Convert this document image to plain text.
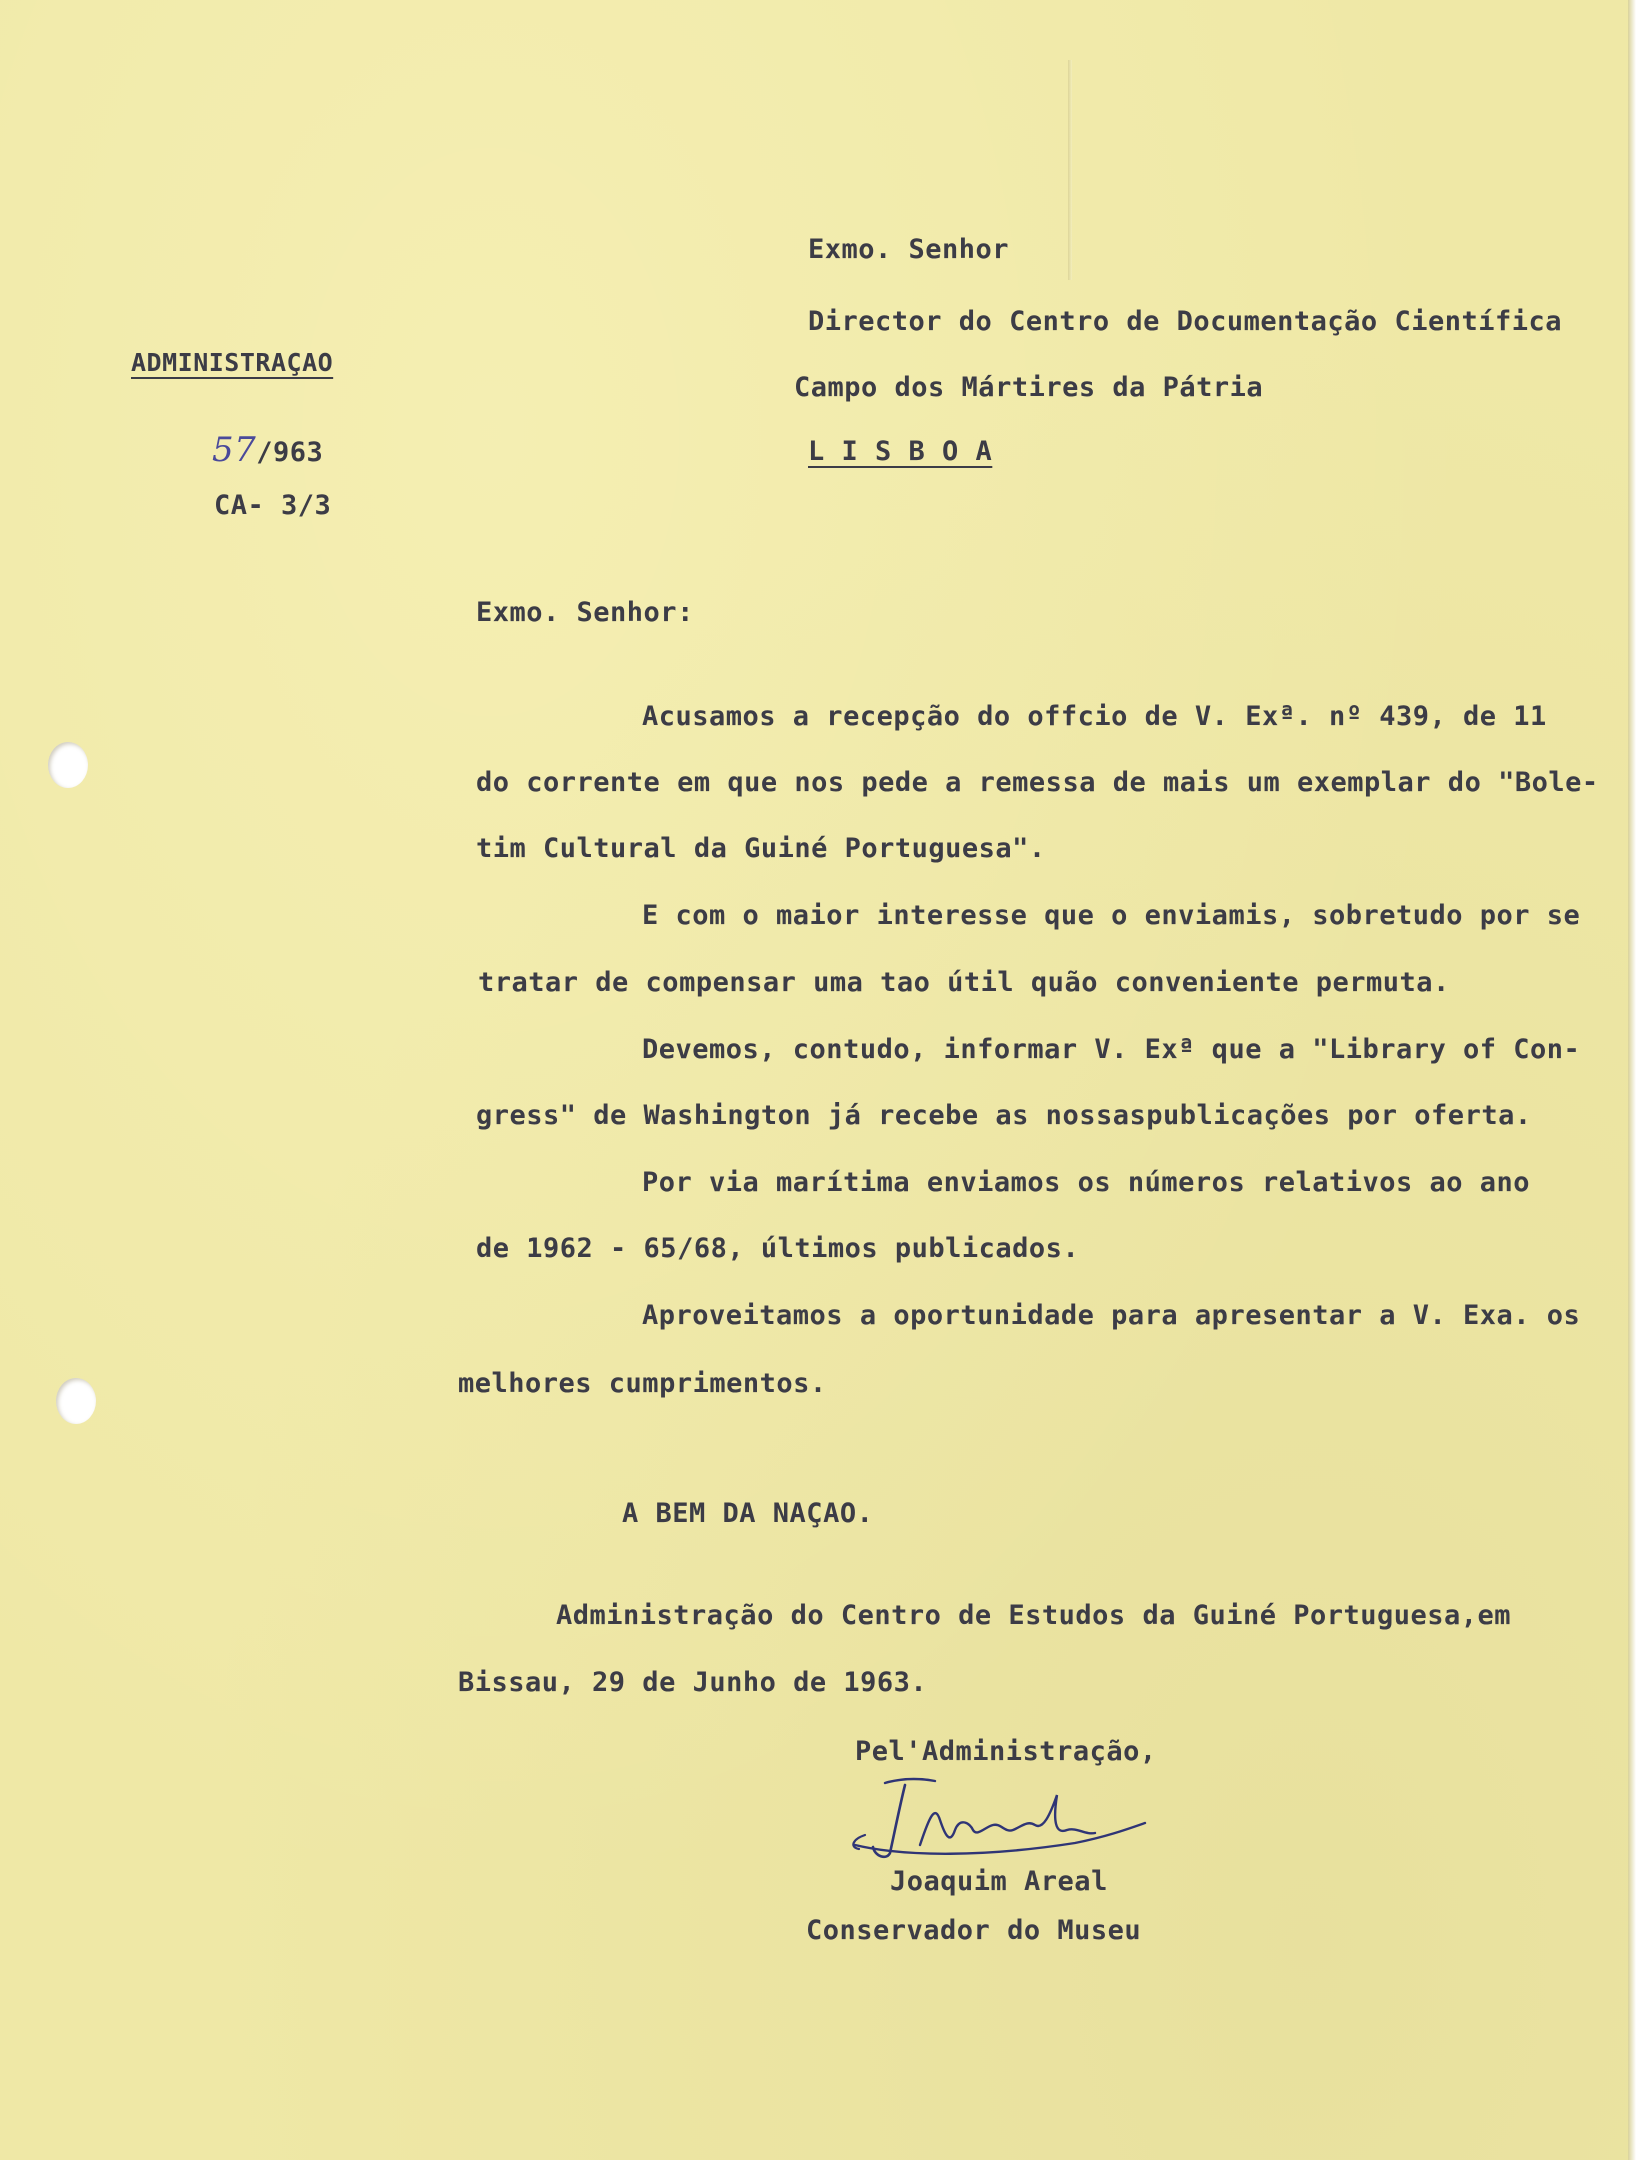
ADMINISTRAÇAO
57/963
CA- 3/3
Exmo. Senhor
Director do Centro de Documentação Científica
Campo dos Mártires da Pátria
L I S B O A
Exmo. Senhor:
Acusamos a recepção do offcio de V. Exª. nº 439, de 11
do corrente em que nos pede a remessa de mais um exemplar do "Bole-
tim Cultural da Guiné Portuguesa".
E com o maior interesse que o enviamis, sobretudo por se
tratar de compensar uma tao útil quão conveniente permuta.
Devemos, contudo, informar V. Exª que a "Library of Con-
gress" de Washington já recebe as nossaspublicações por oferta.
Por via marítima enviamos os números relativos ao ano
de 1962 - 65/68, últimos publicados.
Aproveitamos a oportunidade para apresentar a V. Exa. os
melhores cumprimentos.
A BEM DA NAÇAO.
Administração do Centro de Estudos da Guiné Portuguesa,em
Bissau, 29 de Junho de 1963.
Pel'Administração,
Joaquim Areal
Conservador do Museu
